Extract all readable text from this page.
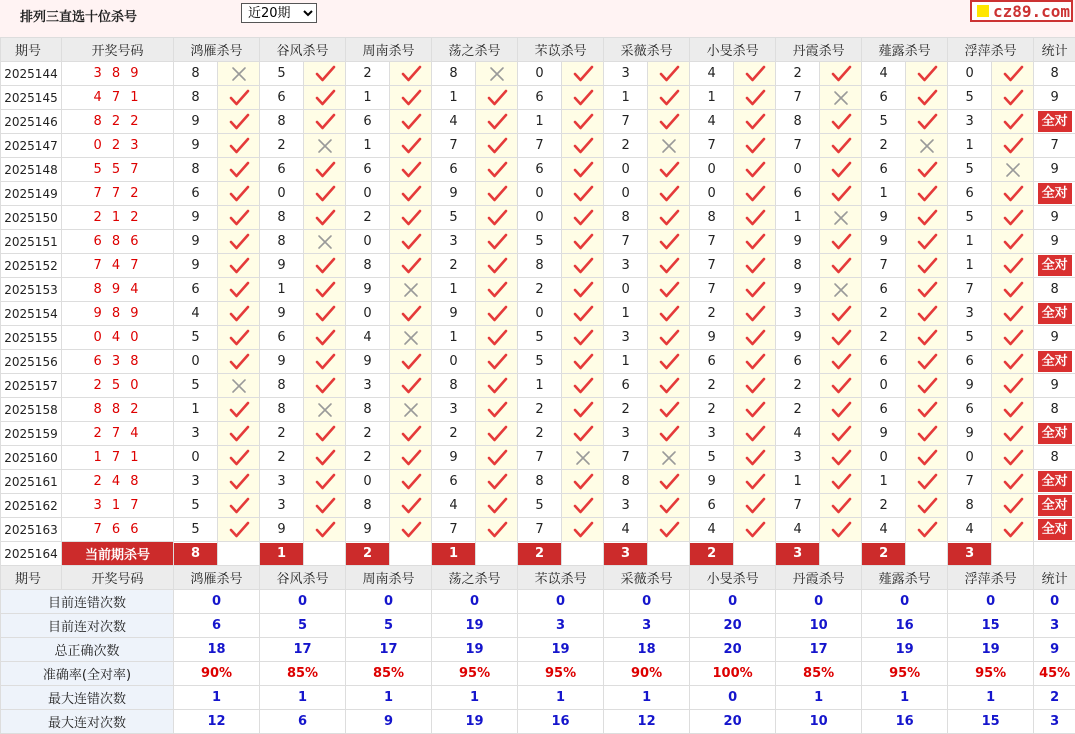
排列三直选十位杀号
近20期	cz89.com
期号	开奖号码	鸿雁杀号		谷风杀号		周南杀号		荡之杀号		芣苡杀号		采薇杀号		小旻杀号		丹霞杀号		薤露杀号		浮萍杀号		统计
2025144	3 8 9	8		5		2		8		0		3		4		2		4		0		8
2025145	4 7 1	8		6		1		1		6		1		1		7		6		5		9
2025146	8 2 2	9		8		6		4		1		7		4		8		5		3		全对
2025147	0 2 3	9		2		1		7		7		2		7		7		2		1		7
2025148	5 5 7	8		6		6		6		6		0		0		0		6		5		9
2025149	7 7 2	6		0		0		9		0		0		0		6		1		6		全对
2025150	2 1 2	9		8		2		5		0		8		8		1		9		5		9
2025151	6 8 6	9		8		0		3		5		7		7		9		9		1		9
2025152	7 4 7	9		9		8		2		8		3		7		8		7		1		全对
2025153	8 9 4	6		1		9		1		2		0		7		9		6		7		8
2025154	9 8 9	4		9		0		9		0		1		2		3		2		3		全对
2025155	0 4 0	5		6		4		1		5		3		9		9		2		5		9
2025156	6 3 8	0		9		9		0		5		1		6		6		6		6		全对
2025157	2 5 0	5		8		3		8		1		6		2		2		0		9		9
2025158	8 8 2	1		8		8		3		2		2		2		2		6		6		8
2025159	2 7 4	3		2		2		2		2		3		3		4		9		9		全对
2025160	1 7 1	0		2		2		9		7		7		5		3		0		0		8
2025161	2 4 8	3		3		0		6		8		8		9		1		1		7		全对
2025162	3 1 7	5		3		8		4		5		3		6		7		2		8		全对
2025163	7 6 6	5		9		9		7		7		4		4		4		4		4		全对
2025164	当前期杀号	8		1		2		1		2		3		2		3		2		3		
期号	开奖号码	鸿雁杀号		谷风杀号		周南杀号		荡之杀号		芣苡杀号		采薇杀号		小旻杀号		丹霞杀号		薤露杀号		浮萍杀号		统计
目前连错次数		0		0		0		0		0		0		0		0		0		0		0
目前连对次数		6		5		5		19		3		3		20		10		16		15		3
总正确次数		18		17		17		19		19		18		20		17		19		19		9
准确率(全对率)		90%		85%		85%		95%		95%		90%		100%		85%		95%		95%		45%
最大连错次数		1		1		1		1		1		1		0		1		1		1		2
最大连对次数		12		6		9		19		16		12		20		10		16		15		3
